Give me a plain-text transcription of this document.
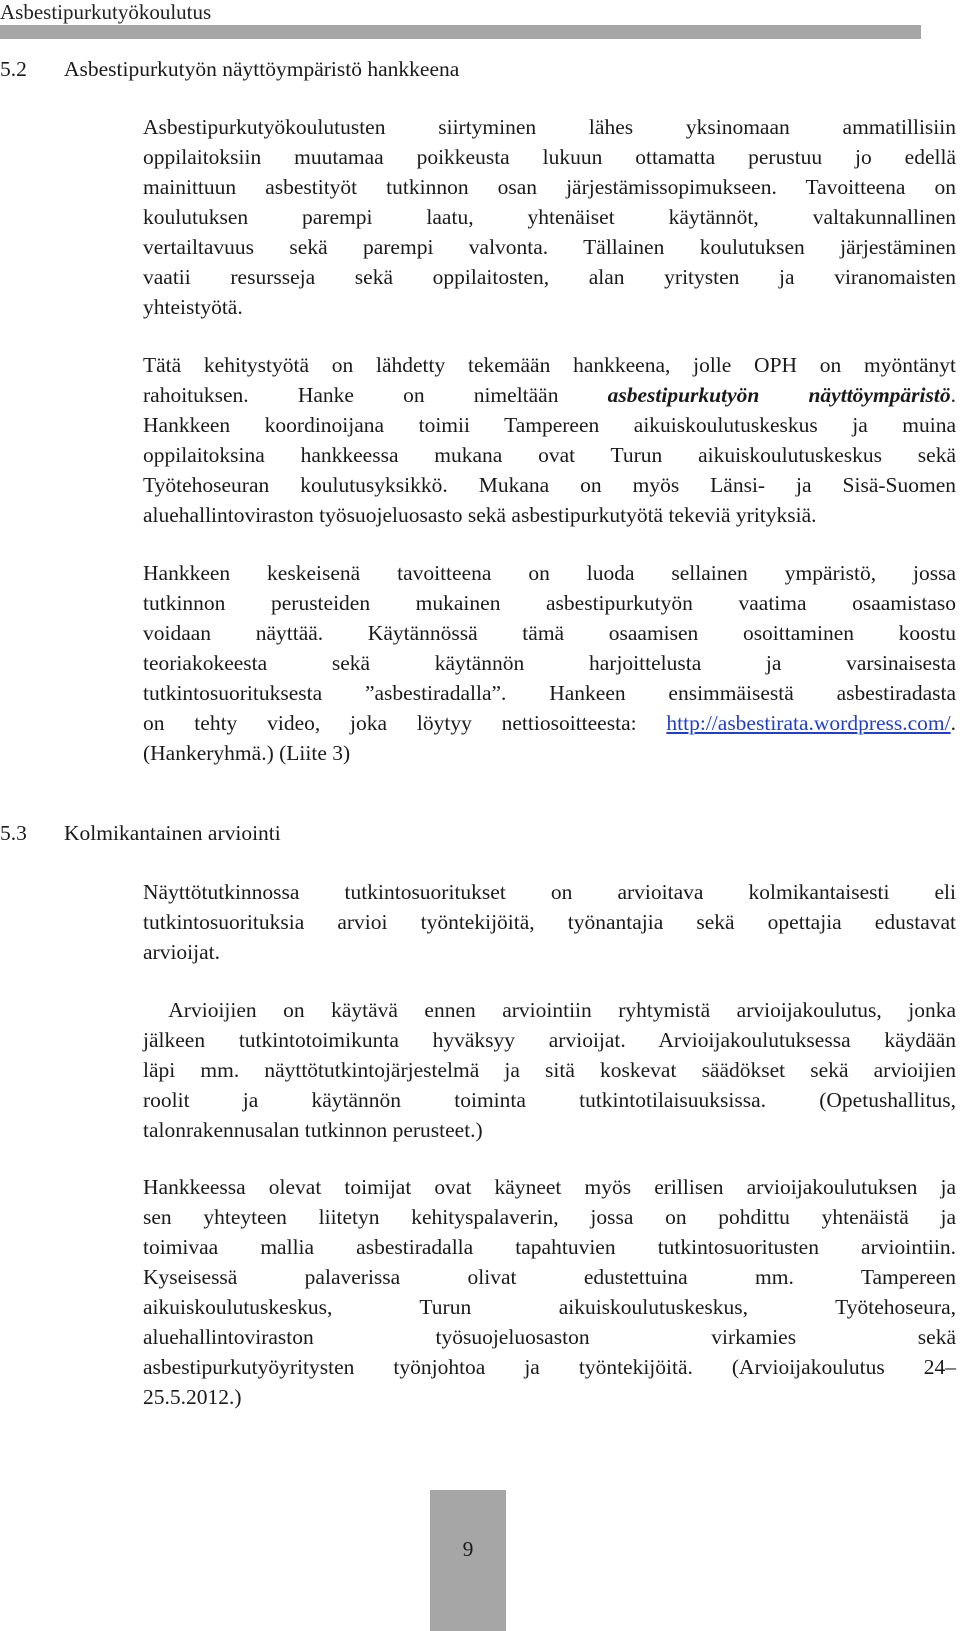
Asbestipurkutyökoulutus
5.2 Asbestipurkutyön näyttöympäristö hankkeena
Asbestipurkutyökoulutusten siirtyminen lähes yksinomaan ammatillisiin
oppilaitoksiin muutamaa poikkeusta lukuun ottamatta perustuu jo edellä
mainittuun asbestityöt tutkinnon osan järjestämissopimukseen. Tavoitteena on
koulutuksen parempi laatu, yhtenäiset käytännöt, valtakunnallinen
vertailtavuus sekä parempi valvonta. Tällainen koulutuksen järjestäminen
vaatii resursseja sekä oppilaitosten, alan yritysten ja viranomaisten
yhteistyötä.
Tätä kehitystyötä on lähdetty tekemään hankkeena, jolle OPH on myöntänyt
rahoituksen. Hanke on nimeltään asbestipurkutyön näyttöympäristö.
Hankkeen koordinoijana toimii Tampereen aikuiskoulutuskeskus ja muina
oppilaitoksina hankkeessa mukana ovat Turun aikuiskoulutuskeskus sekä
Työtehoseuran koulutusyksikkö. Mukana on myös Länsi- ja Sisä-Suomen
aluehallintoviraston työsuojeluosasto sekä asbestipurkutyötä tekeviä yrityksiä.
Hankkeen keskeisenä tavoitteena on luoda sellainen ympäristö, jossa
tutkinnon perusteiden mukainen asbestipurkutyön vaatima osaamistaso
voidaan näyttää. Käytännössä tämä osaamisen osoittaminen koostu
teoriakokeesta sekä käytännön harjoittelusta ja varsinaisesta
tutkintosuorituksesta ”asbestiradalla”. Hankeen ensimmäisestä asbestiradasta
on tehty video, joka löytyy nettiosoitteesta: http://asbestirata.wordpress.com/.
(Hankeryhmä.) (Liite 3)
5.3 Kolmikantainen arviointi
Näyttötutkinnossa tutkintosuoritukset on arvioitava kolmikantaisesti eli
tutkintosuorituksia arvioi työntekijöitä, työnantajia sekä opettajia edustavat
arvioijat.
Arvioijien on käytävä ennen arviointiin ryhtymistä arvioijakoulutus, jonka
jälkeen tutkintotoimikunta hyväksyy arvioijat. Arvioijakoulutuksessa käydään
läpi mm. näyttötutkintojärjestelmä ja sitä koskevat säädökset sekä arvioijien
roolit ja käytännön toiminta tutkintotilaisuuksissa. (Opetushallitus,
talonrakennusalan tutkinnon perusteet.)
Hankkeessa olevat toimijat ovat käyneet myös erillisen arvioijakoulutuksen ja
sen yhteyteen liitetyn kehityspalaverin, jossa on pohdittu yhtenäistä ja
toimivaa mallia asbestiradalla tapahtuvien tutkintosuoritusten arviointiin.
Kyseisessä palaverissa olivat edustettuina mm. Tampereen
aikuiskoulutuskeskus, Turun aikuiskoulutuskeskus, Työtehoseura,
aluehallintoviraston työsuojeluosaston virkamies sekä
asbestipurkutyöyritysten työnjohtoa ja työntekijöitä. (Arvioijakoulutus 24–
25.5.2012.)
9
